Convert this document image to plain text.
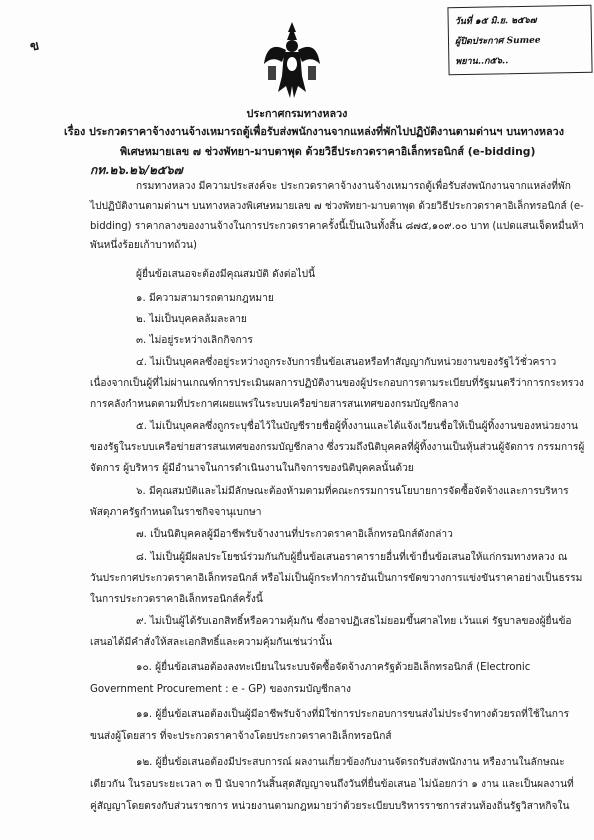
ข
วันที่ ๑๕ มิ.ย. ๒๕๖๗
ผู้ปิดประกาศ Sumee
พยาน..ก๕๖..
ประกาศกรมทางหลวง
เรื่อง ประกวดราคาจ้างงานจ้างเหมารถตู้เพื่อรับส่งพนักงานจากแหล่งที่พักไปปฏิบัติงานตามด่านฯ บนทางหลวง
พิเศษหมายเลข ๗ ช่วงพัทยา-มาบตาพุด ด้วยวิธีประกวดราคาอิเล็กทรอนิกส์ (e-bidding)
กท.๒๖.๒๖/๒๕๖๗
กรมทางหลวง มีความประสงค์จะ ประกวดราคาจ้างงานจ้างเหมารถตู้เพื่อรับส่งพนักงานจากแหล่งที่พัก
ไปปฏิบัติงานตามด่านฯ บนทางหลวงพิเศษหมายเลข ๗ ช่วงพัทยา-มาบตาพุด ด้วยวิธีประกวดราคาอิเล็กทรอนิกส์ (e-
bidding) ราคากลางของงานจ้างในการประกวดราคาครั้งนี้เป็นเงินทั้งสิ้น ๘๗๕,๑๐๙.๐๐ บาท (แปดแสนเจ็ดหมื่นห้า
พันหนึ่งร้อยเก้าบาทถ้วน)
ผู้ยื่นข้อเสนอจะต้องมีคุณสมบัติ ดังต่อไปนี้
๑. มีความสามารถตามกฎหมาย
๒. ไม่เป็นบุคคลล้มละลาย
๓. ไม่อยู่ระหว่างเลิกกิจการ
๔. ไม่เป็นบุคคลซึ่งอยู่ระหว่างถูกระงับการยื่นข้อเสนอหรือทำสัญญากับหน่วยงานของรัฐไว้ชั่วคราว
เนื่องจากเป็นผู้ที่ไม่ผ่านเกณฑ์การประเมินผลการปฏิบัติงานของผู้ประกอบการตามระเบียบที่รัฐมนตรีว่าการกระทรวง
การคลังกำหนดตามที่ประกาศเผยแพร่ในระบบเครือข่ายสารสนเทศของกรมบัญชีกลาง
๕. ไม่เป็นบุคคลซึ่งถูกระบุชื่อไว้ในบัญชีรายชื่อผู้ทิ้งงานและได้แจ้งเวียนชื่อให้เป็นผู้ทิ้งงานของหน่วยงาน
ของรัฐในระบบเครือข่ายสารสนเทศของกรมบัญชีกลาง ซึ่งรวมถึงนิติบุคคลที่ผู้ทิ้งงานเป็นหุ้นส่วนผู้จัดการ กรรมการผู้
จัดการ ผู้บริหาร ผู้มีอำนาจในการดำเนินงานในกิจการของนิติบุคคลนั้นด้วย
๖. มีคุณสมบัติและไม่มีลักษณะต้องห้ามตามที่คณะกรรมการนโยบายการจัดซื้อจัดจ้างและการบริหาร
พัสดุภาครัฐกำหนดในราชกิจจานุเบกษา
๗. เป็นนิติบุคคลผู้มีอาชีพรับจ้างงานที่ประกวดราคาอิเล็กทรอนิกส์ดังกล่าว
๘. ไม่เป็นผู้มีผลประโยชน์ร่วมกันกับผู้ยื่นข้อเสนอราคารายอื่นที่เข้ายื่นข้อเสนอให้แก่กรมทางหลวง ณ
วันประกาศประกวดราคาอิเล็กทรอนิกส์ หรือไม่เป็นผู้กระทำการอันเป็นการขัดขวางการแข่งขันราคาอย่างเป็นธรรม
ในการประกวดราคาอิเล็กทรอนิกส์ครั้งนี้
๙. ไม่เป็นผู้ได้รับเอกสิทธิ์หรือความคุ้มกัน ซึ่งอาจปฏิเสธไม่ยอมขึ้นศาลไทย เว้นแต่ รัฐบาลของผู้ยื่นข้อ
เสนอได้มีคำสั่งให้สละเอกสิทธิ์และความคุ้มกันเช่นว่านั้น
๑๐. ผู้ยื่นข้อเสนอต้องลงทะเบียนในระบบจัดซื้อจัดจ้างภาครัฐด้วยอิเล็กทรอนิกส์ (Electronic
Government Procurement : e - GP) ของกรมบัญชีกลาง
๑๑. ผู้ยื่นข้อเสนอต้องเป็นผู้มีอาชีพรับจ้างที่มิใช่การประกอบการขนส่งไม่ประจำทางด้วยรถที่ใช้ในการ
ขนส่งผู้โดยสาร ที่จะประกวดราคาจ้างโดยประกวดราคาอิเล็กทรอนิกส์
๑๒. ผู้ยื่นข้อเสนอต้องมีประสบการณ์ ผลงานเกี่ยวข้องกับงานจัดรถรับส่งพนักงาน หรืองานในลักษณะ
เดียวกัน ในรอบระยะเวลา ๓ ปี นับจากวันสิ้นสุดสัญญาจนถึงวันที่ยื่นข้อเสนอ ไม่น้อยกว่า ๑ งาน และเป็นผลงานที่
คู่สัญญาโดยตรงกับส่วนราชการ หน่วยงานตามกฎหมายว่าด้วยระเบียบบริหารราชการส่วนท้องถิ่นรัฐวิสาหกิจใน
